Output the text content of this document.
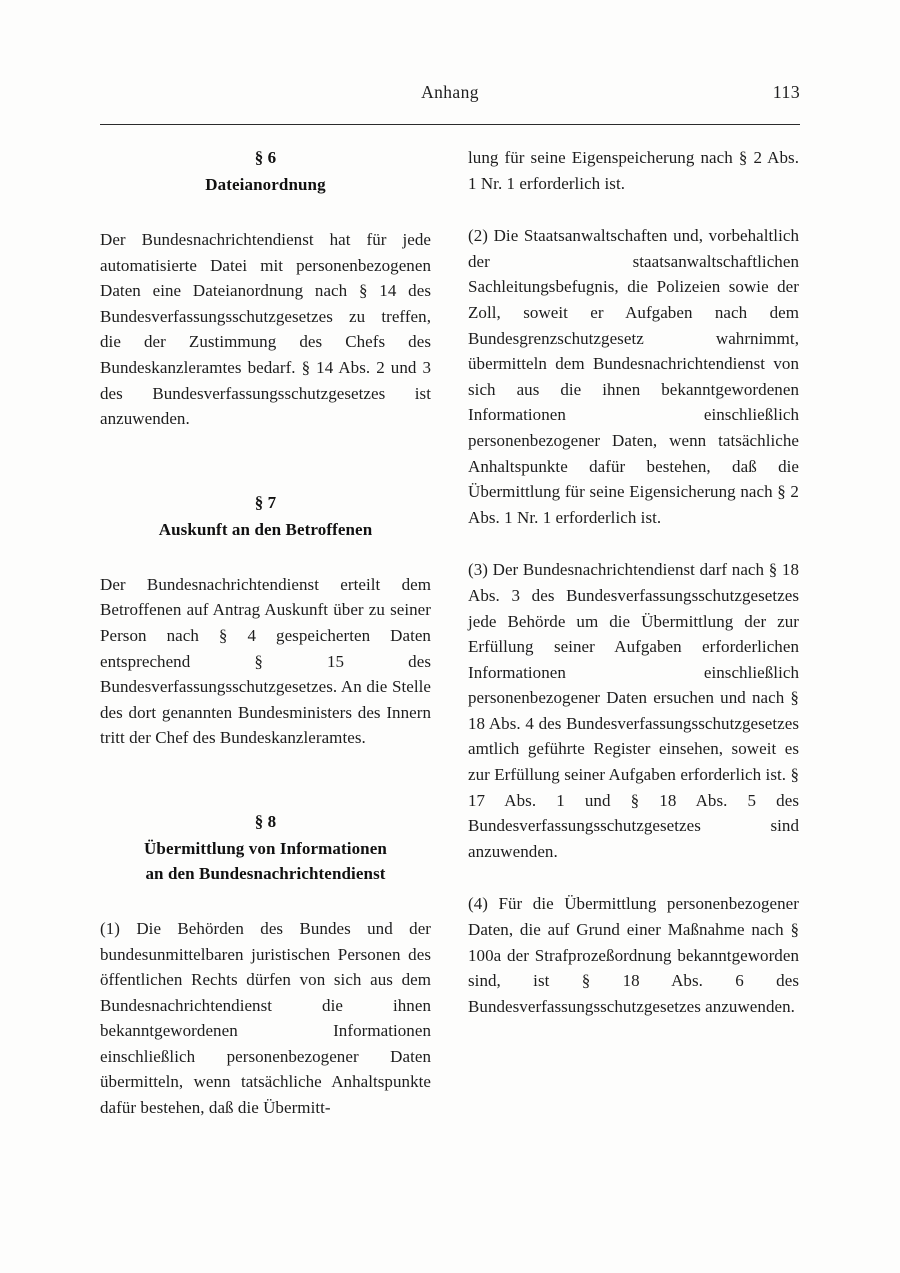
Anhang	113
§ 6
Dateianordnung

Der Bundesnachrichtendienst hat für jede automatisierte Datei mit personenbezogenen Daten eine Dateianordnung nach § 14 des Bundesverfassungsschutzgesetzes zu treffen, die der Zustimmung des Chefs des Bundeskanzleramtes bedarf. § 14 Abs. 2 und 3 des Bundesverfassungsschutzgesetzes ist anzuwenden.

§ 7
Auskunft an den Betroffenen

Der Bundesnachrichtendienst erteilt dem Betroffenen auf Antrag Auskunft über zu seiner Person nach § 4 gespeicherten Daten entsprechend § 15 des Bundesverfassungsschutzgesetzes. An die Stelle des dort genannten Bundesministers des Innern tritt der Chef des Bundeskanzleramtes.

§ 8
Übermittlung von Informationen
an den Bundesnachrichtendienst

(1) Die Behörden des Bundes und der bundesunmittelbaren juristischen Personen des öffentlichen Rechts dürfen von sich aus dem Bundesnachrichtendienst die ihnen bekanntgewordenen Informationen einschließlich personenbezogener Daten übermitteln, wenn tatsächliche Anhaltspunkte dafür bestehen, daß die Übermitt-

lung für seine Eigenspeicherung nach § 2 Abs. 1 Nr. 1 erforderlich ist.

(2) Die Staatsanwaltschaften und, vorbehaltlich der staatsanwaltschaftlichen Sachleitungsbefugnis, die Polizeien sowie der Zoll, soweit er Aufgaben nach dem Bundesgrenzschutzgesetz wahrnimmt, übermitteln dem Bundesnachrichtendienst von sich aus die ihnen bekanntgewordenen Informationen einschließlich personenbezogener Daten, wenn tatsächliche Anhaltspunkte dafür bestehen, daß die Übermittlung für seine Eigensicherung nach § 2 Abs. 1 Nr. 1 erforderlich ist.

(3) Der Bundesnachrichtendienst darf nach § 18 Abs. 3 des Bundesverfassungsschutzgesetzes jede Behörde um die Übermittlung der zur Erfüllung seiner Aufgaben erforderlichen Informationen einschließlich personenbezogener Daten ersuchen und nach § 18 Abs. 4 des Bundesverfassungsschutzgesetzes amtlich geführte Register einsehen, soweit es zur Erfüllung seiner Aufgaben erforderlich ist. § 17 Abs. 1 und § 18 Abs. 5 des Bundesverfassungsschutzgesetzes sind anzuwenden.

(4) Für die Übermittlung personenbezogener Daten, die auf Grund einer Maßnahme nach § 100a der Strafprozeßordnung bekanntgeworden sind, ist § 18 Abs. 6 des Bundesverfassungsschutzgesetzes anzuwenden.
